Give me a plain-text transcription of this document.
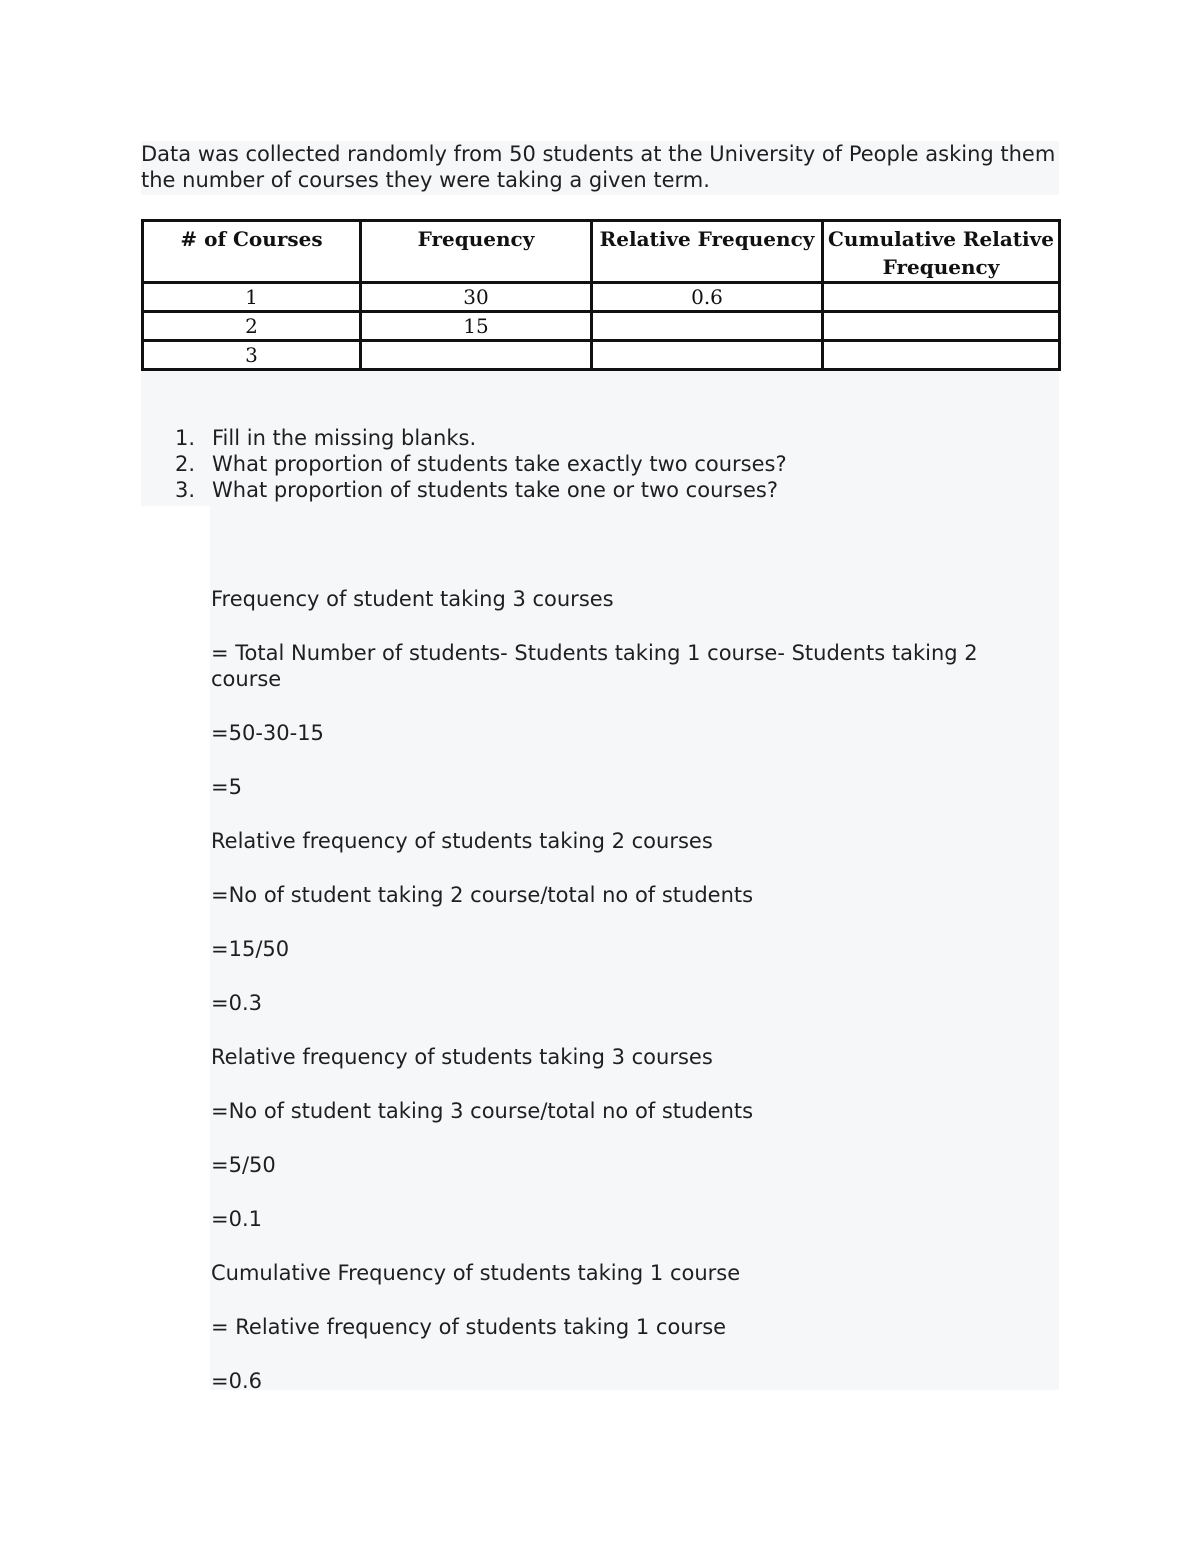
Data was collected randomly from 50 students at the University of People asking them the number of courses they were taking a given term.

# of Courses	Frequency	Relative Frequency	Cumulative Relative Frequency
1	30	0.6	
2	15		
3			
1. Fill in the missing blanks.
2. What proportion of students take exactly two courses?
3. What proportion of students take one or two courses?

Frequency of student taking 3 courses

= Total Number of students- Students taking 1 course- Students taking 2 course

=50-30-15

=5

Relative frequency of students taking 2 courses

=No of student taking 2 course/total no of students

=15/50

=0.3

Relative frequency of students taking 3 courses

=No of student taking 3 course/total no of students

=5/50

=0.1

Cumulative Frequency of students taking 1 course

= Relative frequency of students taking 1 course

=0.6
